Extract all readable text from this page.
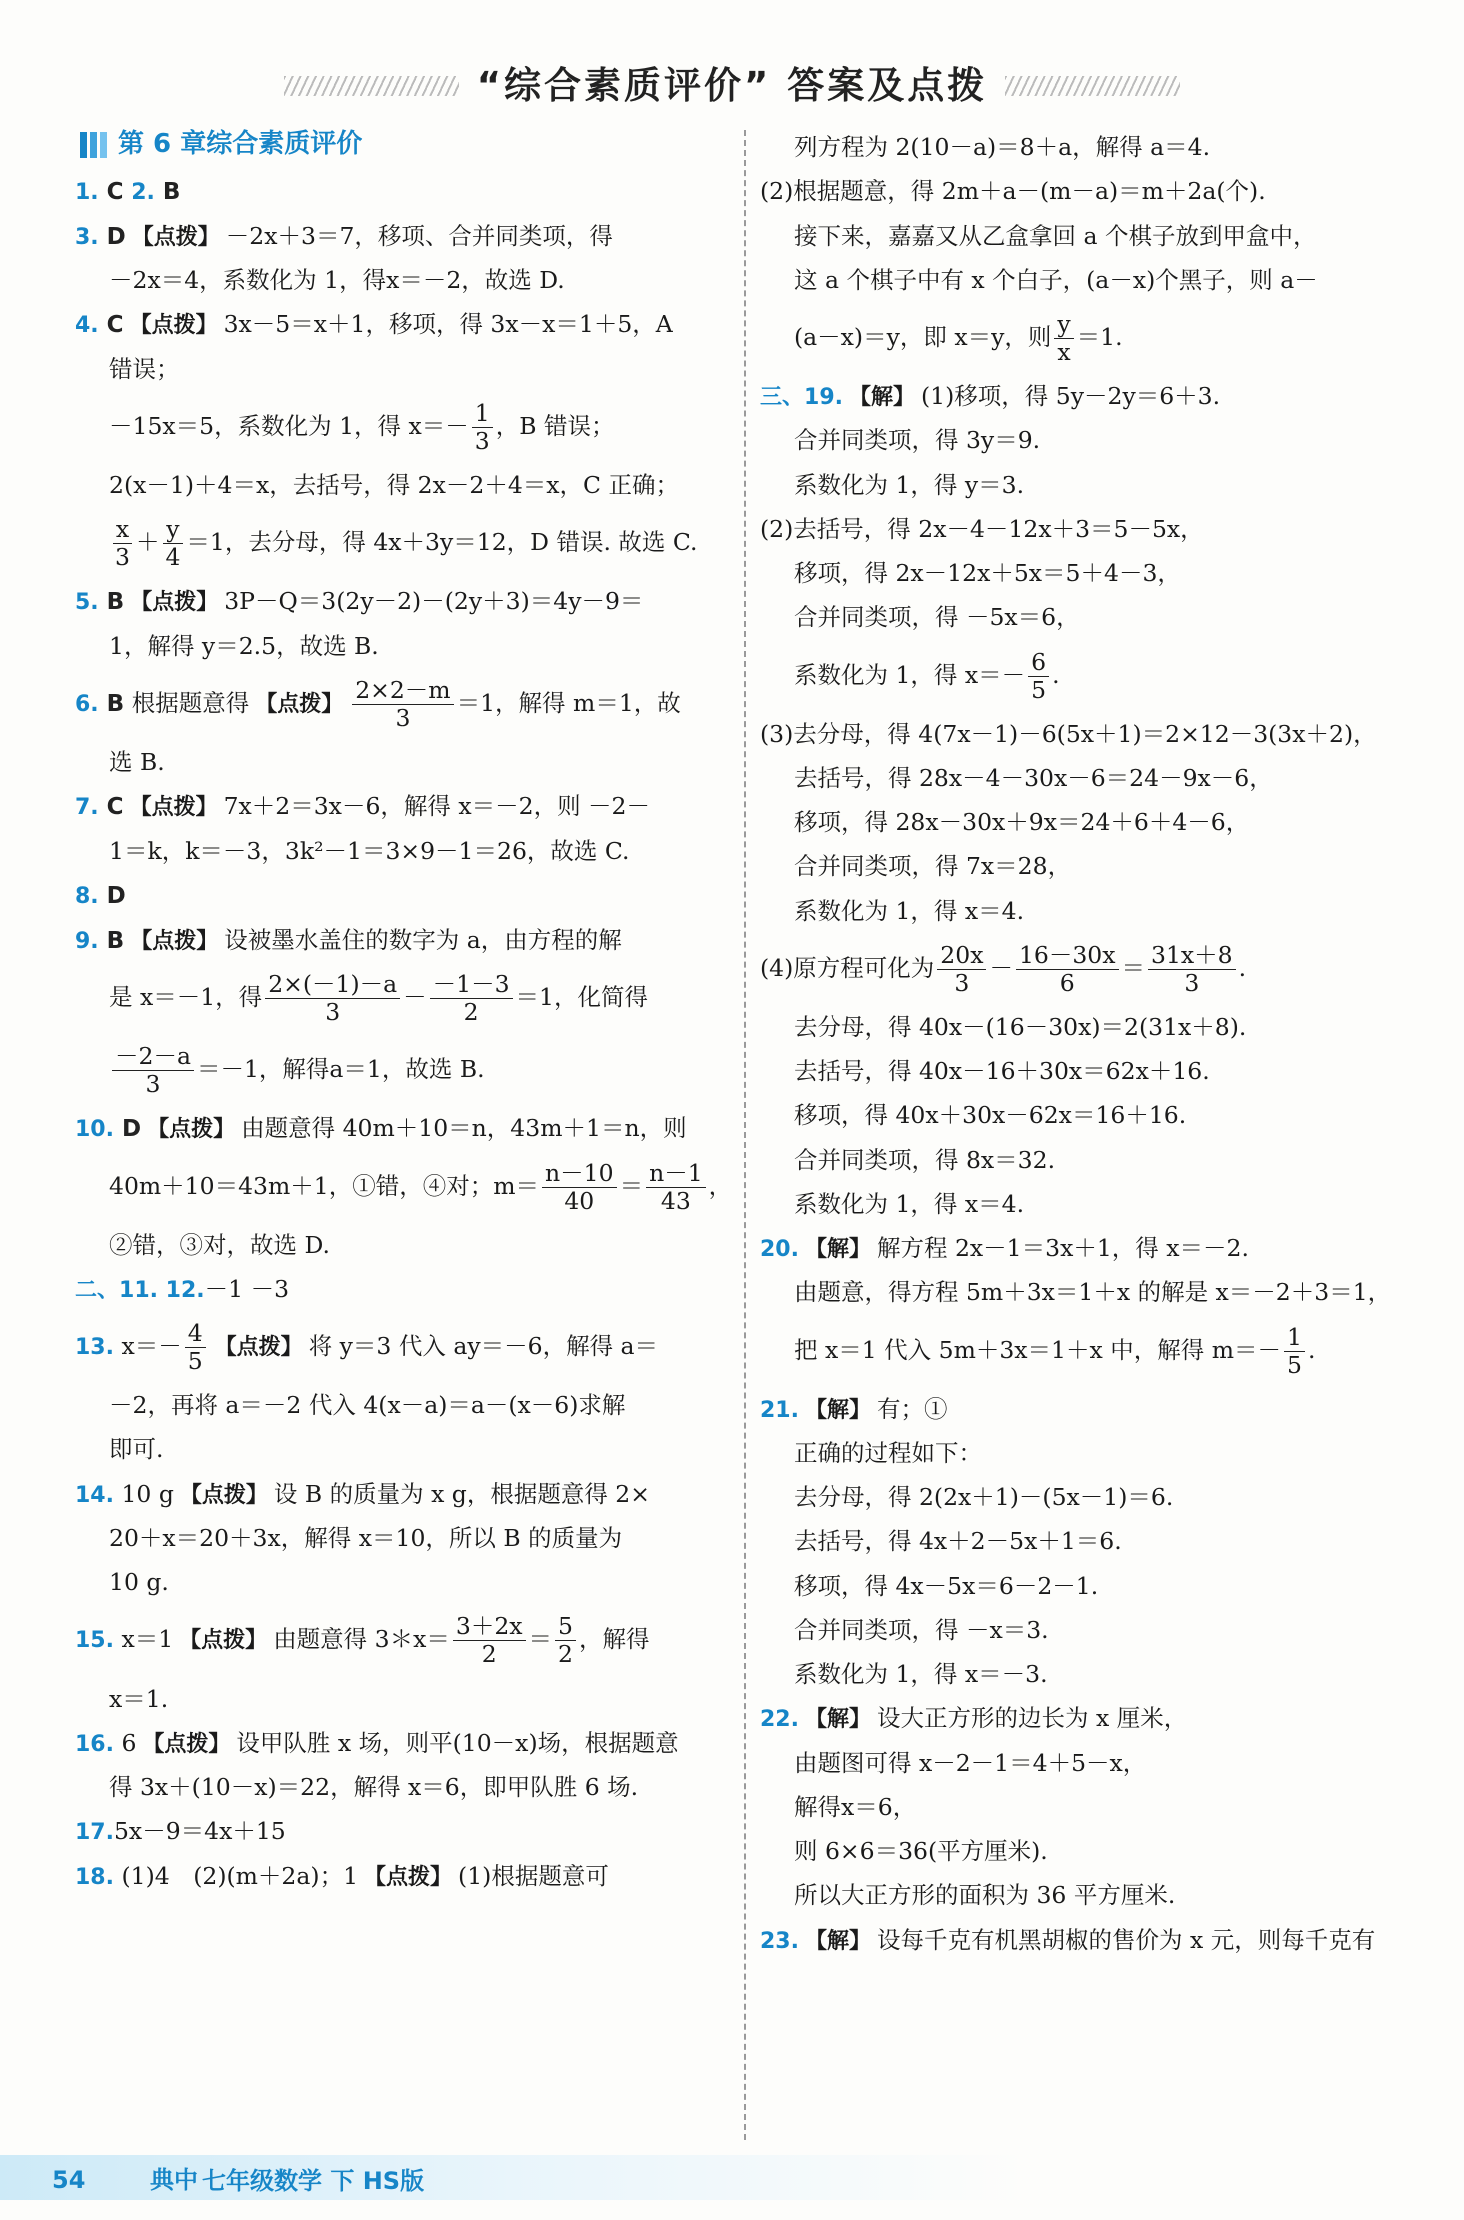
“综合素质评价” 答案及点拨
第 6 章综合素质评价
1. C 2. B
3. D 【点拨】 －2x＋3＝7，移项、合并同类项，得
－2x＝4，系数化为 1，得x＝－2，故选 D.
4. C 【点拨】 3x－5＝x＋1，移项，得 3x－x＝1＋5，A
错误；
－15x＝5，系数化为 1，得 $x=- \frac{1}{3}$ ，B 错误；
2(x－1)＋4＝x，去括号，得 2x－2＋4＝x，C 正确；
$\frac{x}{3} + \frac{y}{4} =1$，去分母，得 4x＋3y＝12，D 错误. 故选 C.
5. B 【点拨】 3P－Q＝3(2y－2)－(2y＋3)＝4y－9＝
1，解得 y＝2.5，故选 B.
6. B 根据题意得 【点拨】 $\frac{2\times 2-m}{3} =1$，解得 m＝1，故
选 B.
7. C 【点拨】 7x＋2＝3x－6，解得 x＝－2，则 －2－
1＝k，k＝－3，3k²－1＝3×9－1＝26，故选 C.
8. D
9. B 【点拨】 设被墨水盖住的数字为 a，由方程的解
是 x＝－1，得 $\frac{2\times(-1)-a}{3} - \frac{-1-3}{2} =1$，化简得
$\frac{-2-a}{3} =-1$，解得a＝1，故选 B.
10. D 【点拨】 由题意得 40m＋10＝n，43m＋1＝n，则
40m＋10＝43m＋1，①错，④对；$m= \frac{n-10}{40} = \frac{n-1}{43}$ ，
②错，③对，故选 D.
二、11. 12.－1 －3
13. $x=- \frac{4}{5}$ 【点拨】 将 y＝3 代入 ay＝－6，解得 a＝
－2，再将 a＝－2 代入 4(x－a)＝a－(x－6)求解
即可.
14. 10 g 【点拨】 设 B 的质量为 x g，根据题意得 2×
20＋x＝20＋3x，解得 x＝10，所以 B 的质量为
10 g.
15. x＝1 【点拨】 由题意得 3＊x＝ $\frac{3+2x}{2} = \frac{5}{2}$ ，解得
x＝1.
16. 6 【点拨】 设甲队胜 x 场，则平(10－x)场，根据题意
得 3x＋(10－x)＝22，解得 x＝6，即甲队胜 6 场.
17.5x－9＝4x＋15
18. (1)4　(2)(m＋2a)；1 【点拨】 (1)根据题意可
列方程为 2(10－a)＝8＋a，解得 a＝4.
(2)根据题意，得 2m＋a－(m－a)＝m＋2a(个).
接下来，嘉嘉又从乙盒拿回 a 个棋子放到甲盒中，
这 a 个棋子中有 x 个白子，(a－x)个黑子，则 a－
(a－x)＝y，即 x＝y，则 $\frac{y}{x} =1$.
三、19. 【解】 (1)移项，得 5y－2y＝6＋3.
合并同类项，得 3y＝9.
系数化为 1，得 y＝3.
(2)去括号，得 2x－4－12x＋3＝5－5x，
移项，得 2x－12x＋5x＝5＋4－3，
合并同类项，得 －5x＝6，
系数化为 1，得 $x=- \frac{6}{5}$ .
(3)去分母，得 4(7x－1)－6(5x＋1)＝2×12－3(3x＋2)，
去括号，得 28x－4－30x－6＝24－9x－6，
移项，得 28x－30x＋9x＝24＋6＋4－6，
合并同类项，得 7x＝28，
系数化为 1，得 x＝4.
(4)原方程可化为 $\frac{20x}{3} - \frac{16-30x}{6} = \frac{31x+8}{3}$ .
去分母，得 40x－(16－30x)＝2(31x＋8).
去括号，得 40x－16＋30x＝62x＋16.
移项，得 40x＋30x－62x＝16＋16.
合并同类项，得 8x＝32.
系数化为 1，得 x＝4.
20. 【解】 解方程 2x－1＝3x＋1，得 x＝－2.
由题意，得方程 5m＋3x＝1＋x 的解是 x＝－2＋3＝1，
把 x＝1 代入 5m＋3x＝1＋x 中，解得 $m=- \frac{1}{5}$ .
21. 【解】 有；①
正确的过程如下：
去分母，得 2(2x＋1)－(5x－1)＝6.
去括号，得 4x＋2－5x＋1＝6.
移项，得 4x－5x＝6－2－1.
合并同类项，得 －x＝3.
系数化为 1，得 x＝－3.
22. 【解】 设大正方形的边长为 x 厘米，
由题图可得 x－2－1＝4＋5－x，
解得x＝6，
则 6×6＝36(平方厘米).
所以大正方形的面积为 36 平方厘米.
23. 【解】 设每千克有机黑胡椒的售价为 x 元，则每千克有
54	典中 七年级数学 下 HS版
